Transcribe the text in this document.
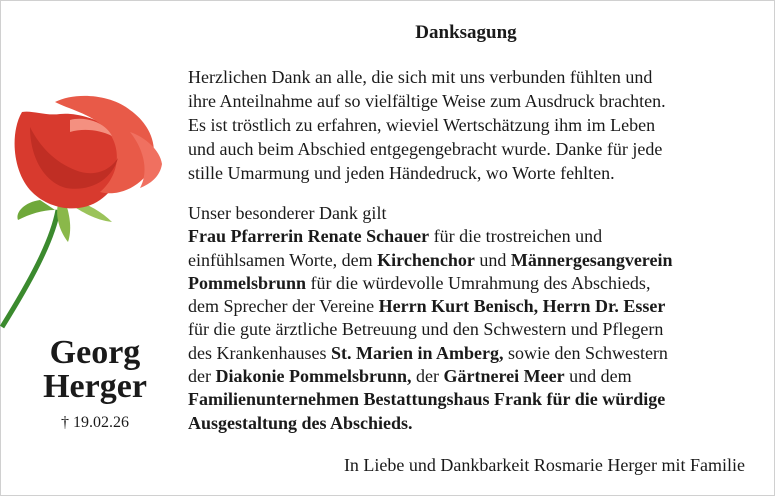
Georg
Herger
† 19.02.26
Danksagung
Herzlichen Dank an alle, die sich mit uns verbunden fühlten und
ihre Anteilnahme auf so vielfältige Weise zum Ausdruck brachten.
Es ist tröstlich zu erfahren, wieviel Wertschätzung ihm im Leben
und auch beim Abschied entgegengebracht wurde. Danke für jede
stille Umarmung und jeden Händedruck, wo Worte fehlten.
Unser besonderer Dank gilt
Frau Pfarrerin Renate Schauer für die trostreichen und
einfühlsamen Worte, dem Kirchenchor und Männergesangverein
Pommelsbrunn für die würdevolle Umrahmung des Abschieds,
dem Sprecher der Vereine Herrn Kurt Benisch, Herrn Dr. Esser
für die gute ärztliche Betreuung und den Schwestern und Pflegern
des Krankenhauses St. Marien in Amberg, sowie den Schwestern
der Diakonie Pommelsbrunn, der Gärtnerei Meer und dem
Familienunternehmen Bestattungshaus Frank für die würdige
Ausgestaltung des Abschieds.
In Liebe und Dankbarkeit Rosmarie Herger mit Familie
